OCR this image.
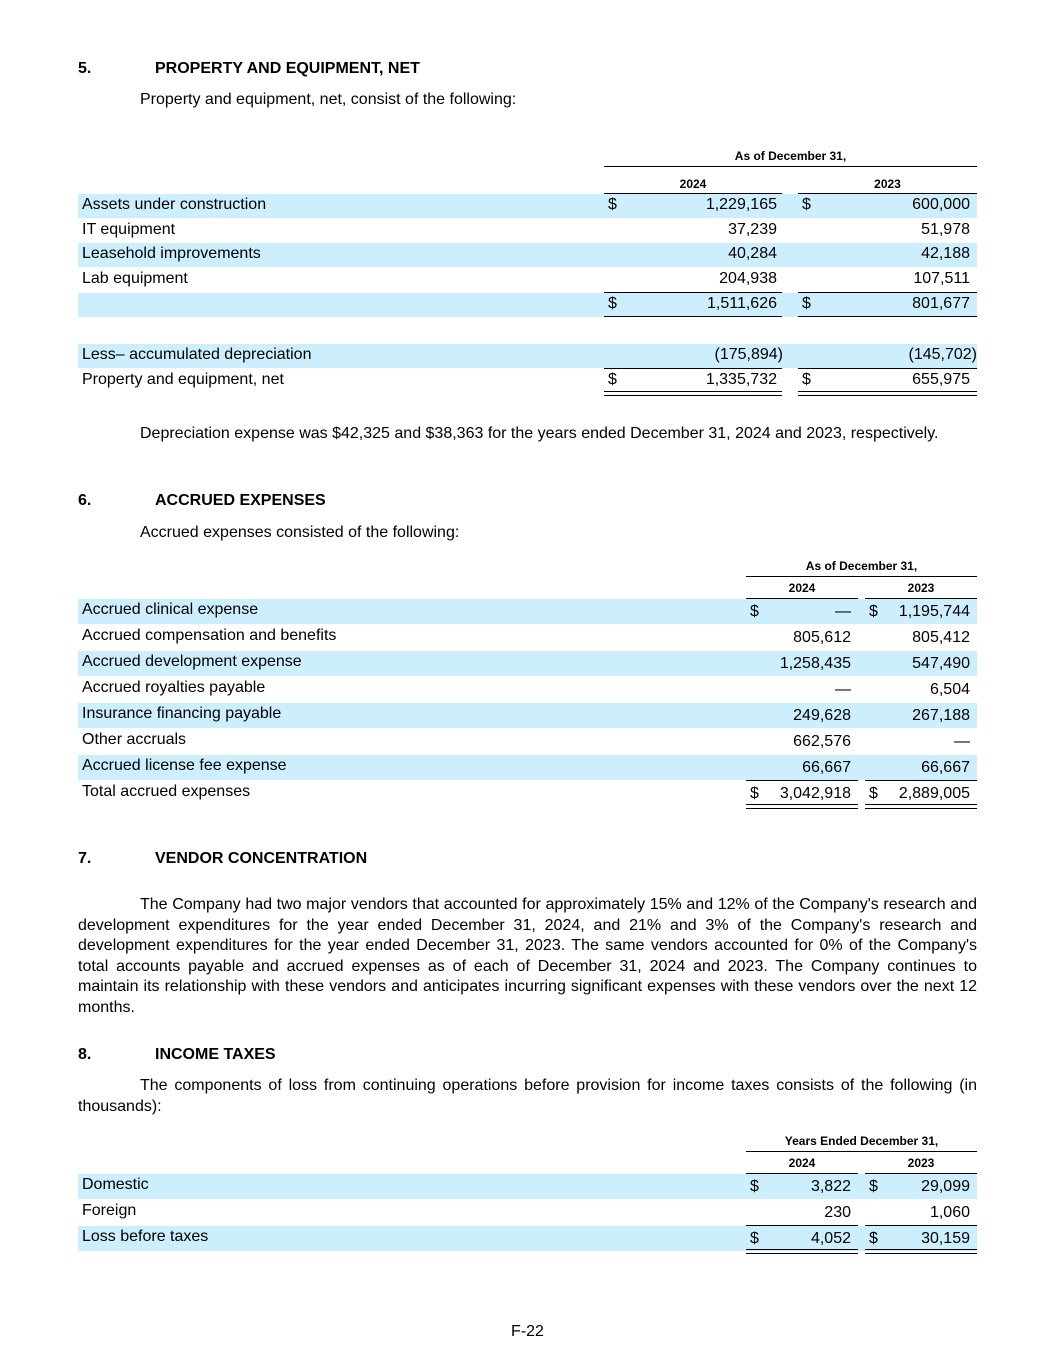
5.	PROPERTY AND EQUIPMENT, NET
Property and equipment, net, consist of the following:
As of December 31,
2024	2023
Assets under construction	$	1,229,165 $	600,000
IT equipment	37,239	51,978
Leasehold improvements	40,284	42,188
Lab equipment	204,938	107,511
$	1,511,626 $	801,677
Less– accumulated depreciation	(175,894)	(145,702)
Property and equipment, net	$	1,335,732 $	655,975
Depreciation expense was $42,325 and $38,363 for the years ended December 31, 2024 and 2023, respectively.
6.	ACCRUED EXPENSES
Accrued expenses consisted of the following:
As of December 31,
2024	2023
Accrued clinical expense	$	— $ 1,195,744
Accrued compensation and benefits	805,612	805,412
Accrued development expense	1,258,435	547,490
Accrued royalties payable	—	6,504
Insurance financing payable	249,628	267,188
Other accruals	662,576	—
Accrued license fee expense	66,667	66,667
Total accrued expenses	$ 3,042,918 $ 2,889,005
7.	VENDOR CONCENTRATION
The Company had two major vendors that accounted for approximately 15% and 12% of the Company's research and development expenditures for the year ended December 31, 2024, and 21% and 3% of the Company's research and development expenditures for the year ended December 31, 2023. The same vendors accounted for 0% of the Company's total accounts payable and accrued expenses as of each of December 31, 2024 and 2023. The Company continues to maintain its relationship with these vendors and anticipates incurring significant expenses with these vendors over the next 12 months.
8.	INCOME TAXES
The components of loss from continuing operations before provision for income taxes consists of the following (in thousands):
Years Ended December 31,
2024	2023
Domestic	$	3,822 $	29,099
Foreign	230	1,060
Loss before taxes	$	4,052 $	30,159
F-22
